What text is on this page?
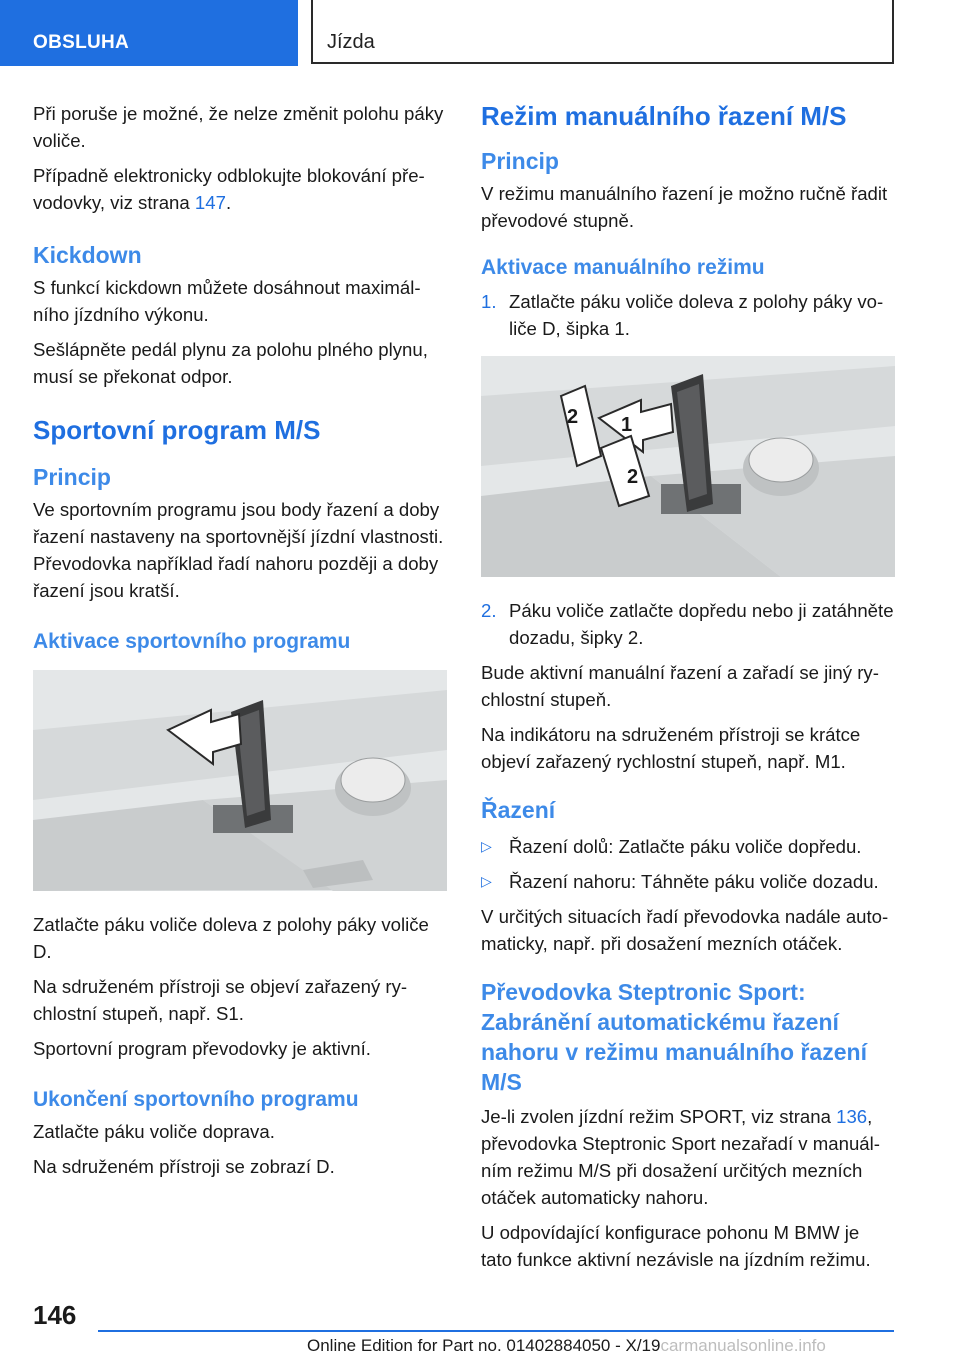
OBSLUHA	Jízda

Při poruše je možné, že nelze změnit polohu páky voliče.

Případně elektronicky odblokujte blokování převodovky, viz strana 147.

Kickdown

S funkcí kickdown můžete dosáhnout maximálního jízdního výkonu.

Sešlápněte pedál plynu za polohu plného plynu, musí se překonat odpor.

Sportovní program M/S
Princip

Ve sportovním programu jsou body řazení a doby řazení nastaveny na sportovnější jízdní vlastnosti. Převodovka například řadí nahoru později a doby řazení jsou kratší.

Aktivace sportovního programu

Zatlačte páku voliče doleva z polohy páky voliče D.

Na sdruženém přístroji se objeví zařazený rychlostní stupeň, např. S1.

Sportovní program převodovky je aktivní.

Ukončení sportovního programu

Zatlačte páku voliče doprava.

Na sdruženém přístroji se zobrazí D.

Režim manuálního řazení M/S
Princip

V režimu manuálního řazení je možno ručně řadit převodové stupně.

Aktivace manuálního režimu
1. Zatlačte páku voliče doleva z polohy páky voliče D, šipka 1.
1
2
2
2. Páku voliče zatlačte dopředu nebo ji zatáhněte dozadu, šipky 2.

Bude aktivní manuální řazení a zařadí se jiný rychlostní stupeň.

Na indikátoru na sdruženém přístroji se krátce objeví zařazený rychlostní stupeň, např. M1.

Řazení
▷ Řazení dolů: Zatlačte páku voliče dopředu.
▷ Řazení nahoru: Táhněte páku voliče dozadu.

V určitých situacích řadí převodovka nadále automaticky, např. při dosažení mezních otáček.

Převodovka Steptronic Sport: Zabránění automatickému řazení nahoru v režimu manuálního řazení M/S

Je-li zvolen jízdní režim SPORT, viz strana 136, převodovka Steptronic Sport nezařadí v manuálním režimu M/S při dosažení určitých mezních otáček automaticky nahoru.

U odpovídající konfigurace pohonu M BMW je tato funkce aktivní nezávisle na jízdním režimu.

146
Online Edition for Part no. 01402884050 - X/19carmanualsonline.info
